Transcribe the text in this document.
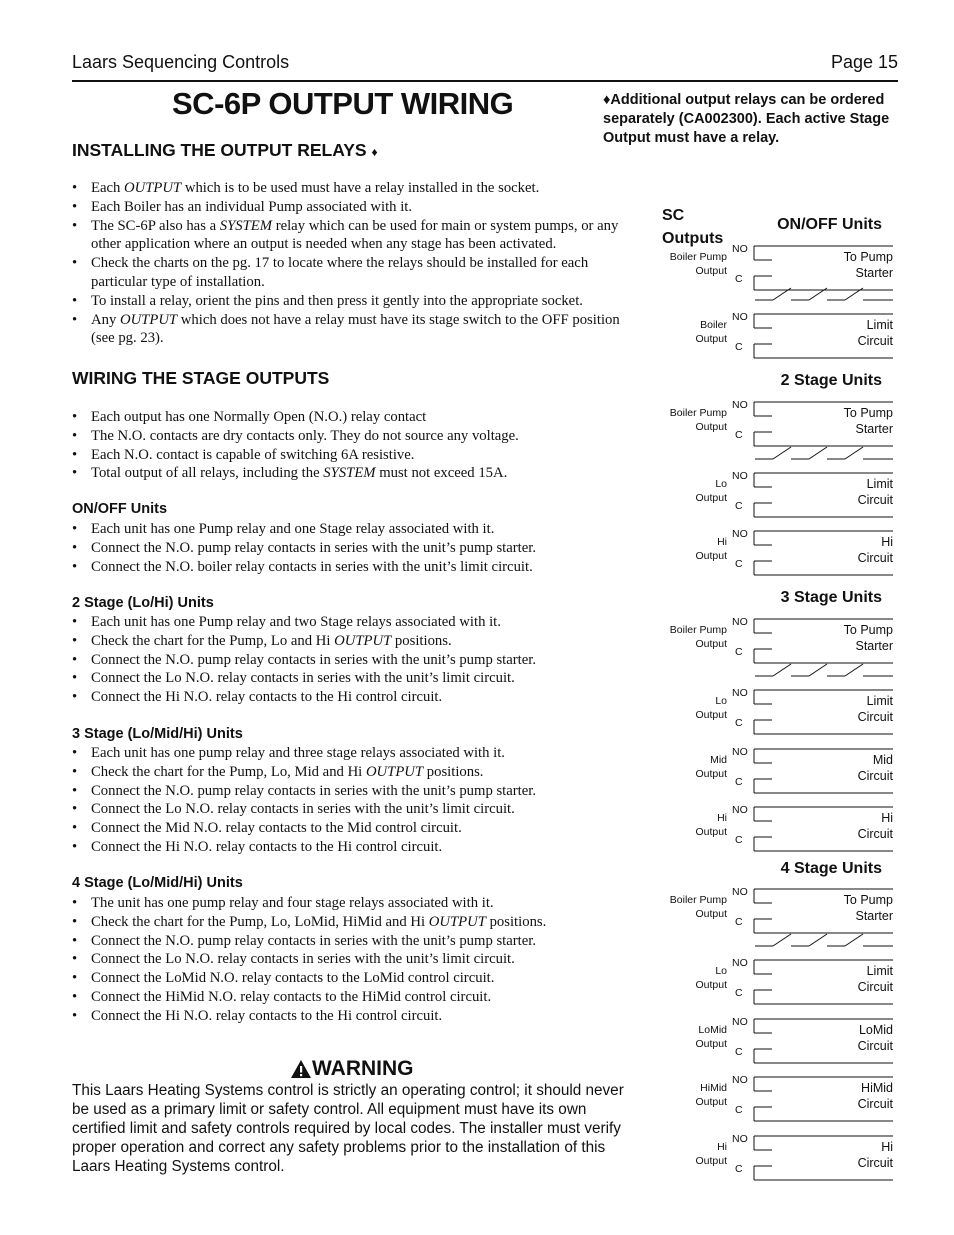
Laars Sequencing Controls	Page 15
SC-6P OUTPUT WIRING	♦Additional output relays can be ordered separately (CA002300). Each active Stage Output must have a relay.
INSTALLING THE OUTPUT RELAYS ♦
• Each OUTPUT which is to be used must have a relay installed in the socket.
• Each Boiler has an individual Pump associated with it.
• The SC-6P also has a SYSTEM relay which can be used for main or system pumps, or any other application where an output is needed when any stage has been activated.
• Check the charts on the pg. 17 to locate where the relays should be installed for each particular type of installation.
• To install a relay, orient the pins and then press it gently into the appropriate socket.
• Any OUTPUT which does not have a relay must have its stage switch to the OFF position (see pg. 23).
WIRING THE STAGE OUTPUTS
• Each output has one Normally Open (N.O.) relay contact
• The N.O. contacts are dry contacts only. They do not source any voltage.
• Each N.O. contact is capable of switching 6A resistive.
• Total output of all relays, including the SYSTEM must not exceed 15A.
ON/OFF Units
• Each unit has one Pump relay and one Stage relay associated with it.
• Connect the N.O. pump relay contacts in series with the unit’s pump starter.
• Connect the N.O. boiler relay contacts in series with the unit’s limit circuit.
2 Stage (Lo/Hi) Units
• Each unit has one Pump relay and two Stage relays associated with it.
• Check the chart for the Pump, Lo and Hi OUTPUT positions.
• Connect the N.O. pump relay contacts in series with the unit’s pump starter.
• Connect the Lo N.O. relay contacts in series with the unit’s limit circuit.
• Connect the Hi N.O. relay contacts to the Hi control circuit.
3 Stage (Lo/Mid/Hi) Units
• Each unit has one pump relay and three stage relays associated with it.
• Check the chart for the Pump, Lo, Mid and Hi OUTPUT positions.
• Connect the N.O. pump relay contacts in series with the unit’s pump starter.
• Connect the Lo N.O. relay contacts in series with the unit’s limit circuit.
• Connect the Mid N.O. relay contacts to the Mid control circuit.
• Connect the Hi N.O. relay contacts to the Hi control circuit.
4 Stage (Lo/Mid/Hi) Units
• The unit has one pump relay and four stage relays associated with it.
• Check the chart for the Pump, Lo, LoMid, HiMid and Hi OUTPUT positions.
• Connect the N.O. pump relay contacts in series with the unit’s pump starter.
• Connect the Lo N.O. relay contacts in series with the unit’s limit circuit.
• Connect the LoMid N.O. relay contacts to the LoMid control circuit.
• Connect the HiMid N.O. relay contacts to the HiMid control circuit.
• Connect the Hi N.O. relay contacts to the Hi control circuit.
WARNING
This Laars Heating Systems control is strictly an operating control; it should never be used as a primary limit or safety control. All equipment must have its own certified limit and safety controls required by local codes. The installer must verify proper operation and correct any safety problems prior to the installation of this Laars Heating Systems control.
SC
Outputs
ON/OFF Units
Boiler Pump
Output
NO
C
To Pump
Starter
Boiler
Output
NO
C
Limit
Circuit
2 Stage Units
Boiler Pump
Output
NO
C
To Pump
Starter
Lo
Output
NO
C
Limit
Circuit
Hi
Output
NO
C
Hi
Circuit
3 Stage Units
Boiler Pump
Output
NO
C
To Pump
Starter
Lo
Output
NO
C
Limit
Circuit
Mid
Output
NO
C
Mid
Circuit
Hi
Output
NO
C
Hi
Circuit
4 Stage Units
Boiler Pump
Output
NO
C
To Pump
Starter
Lo
Output
NO
C
Limit
Circuit
LoMid
Output
NO
C
LoMid
Circuit
HiMid
Output
NO
C
HiMid
Circuit
Hi
Output
NO
C
Hi
Circuit
